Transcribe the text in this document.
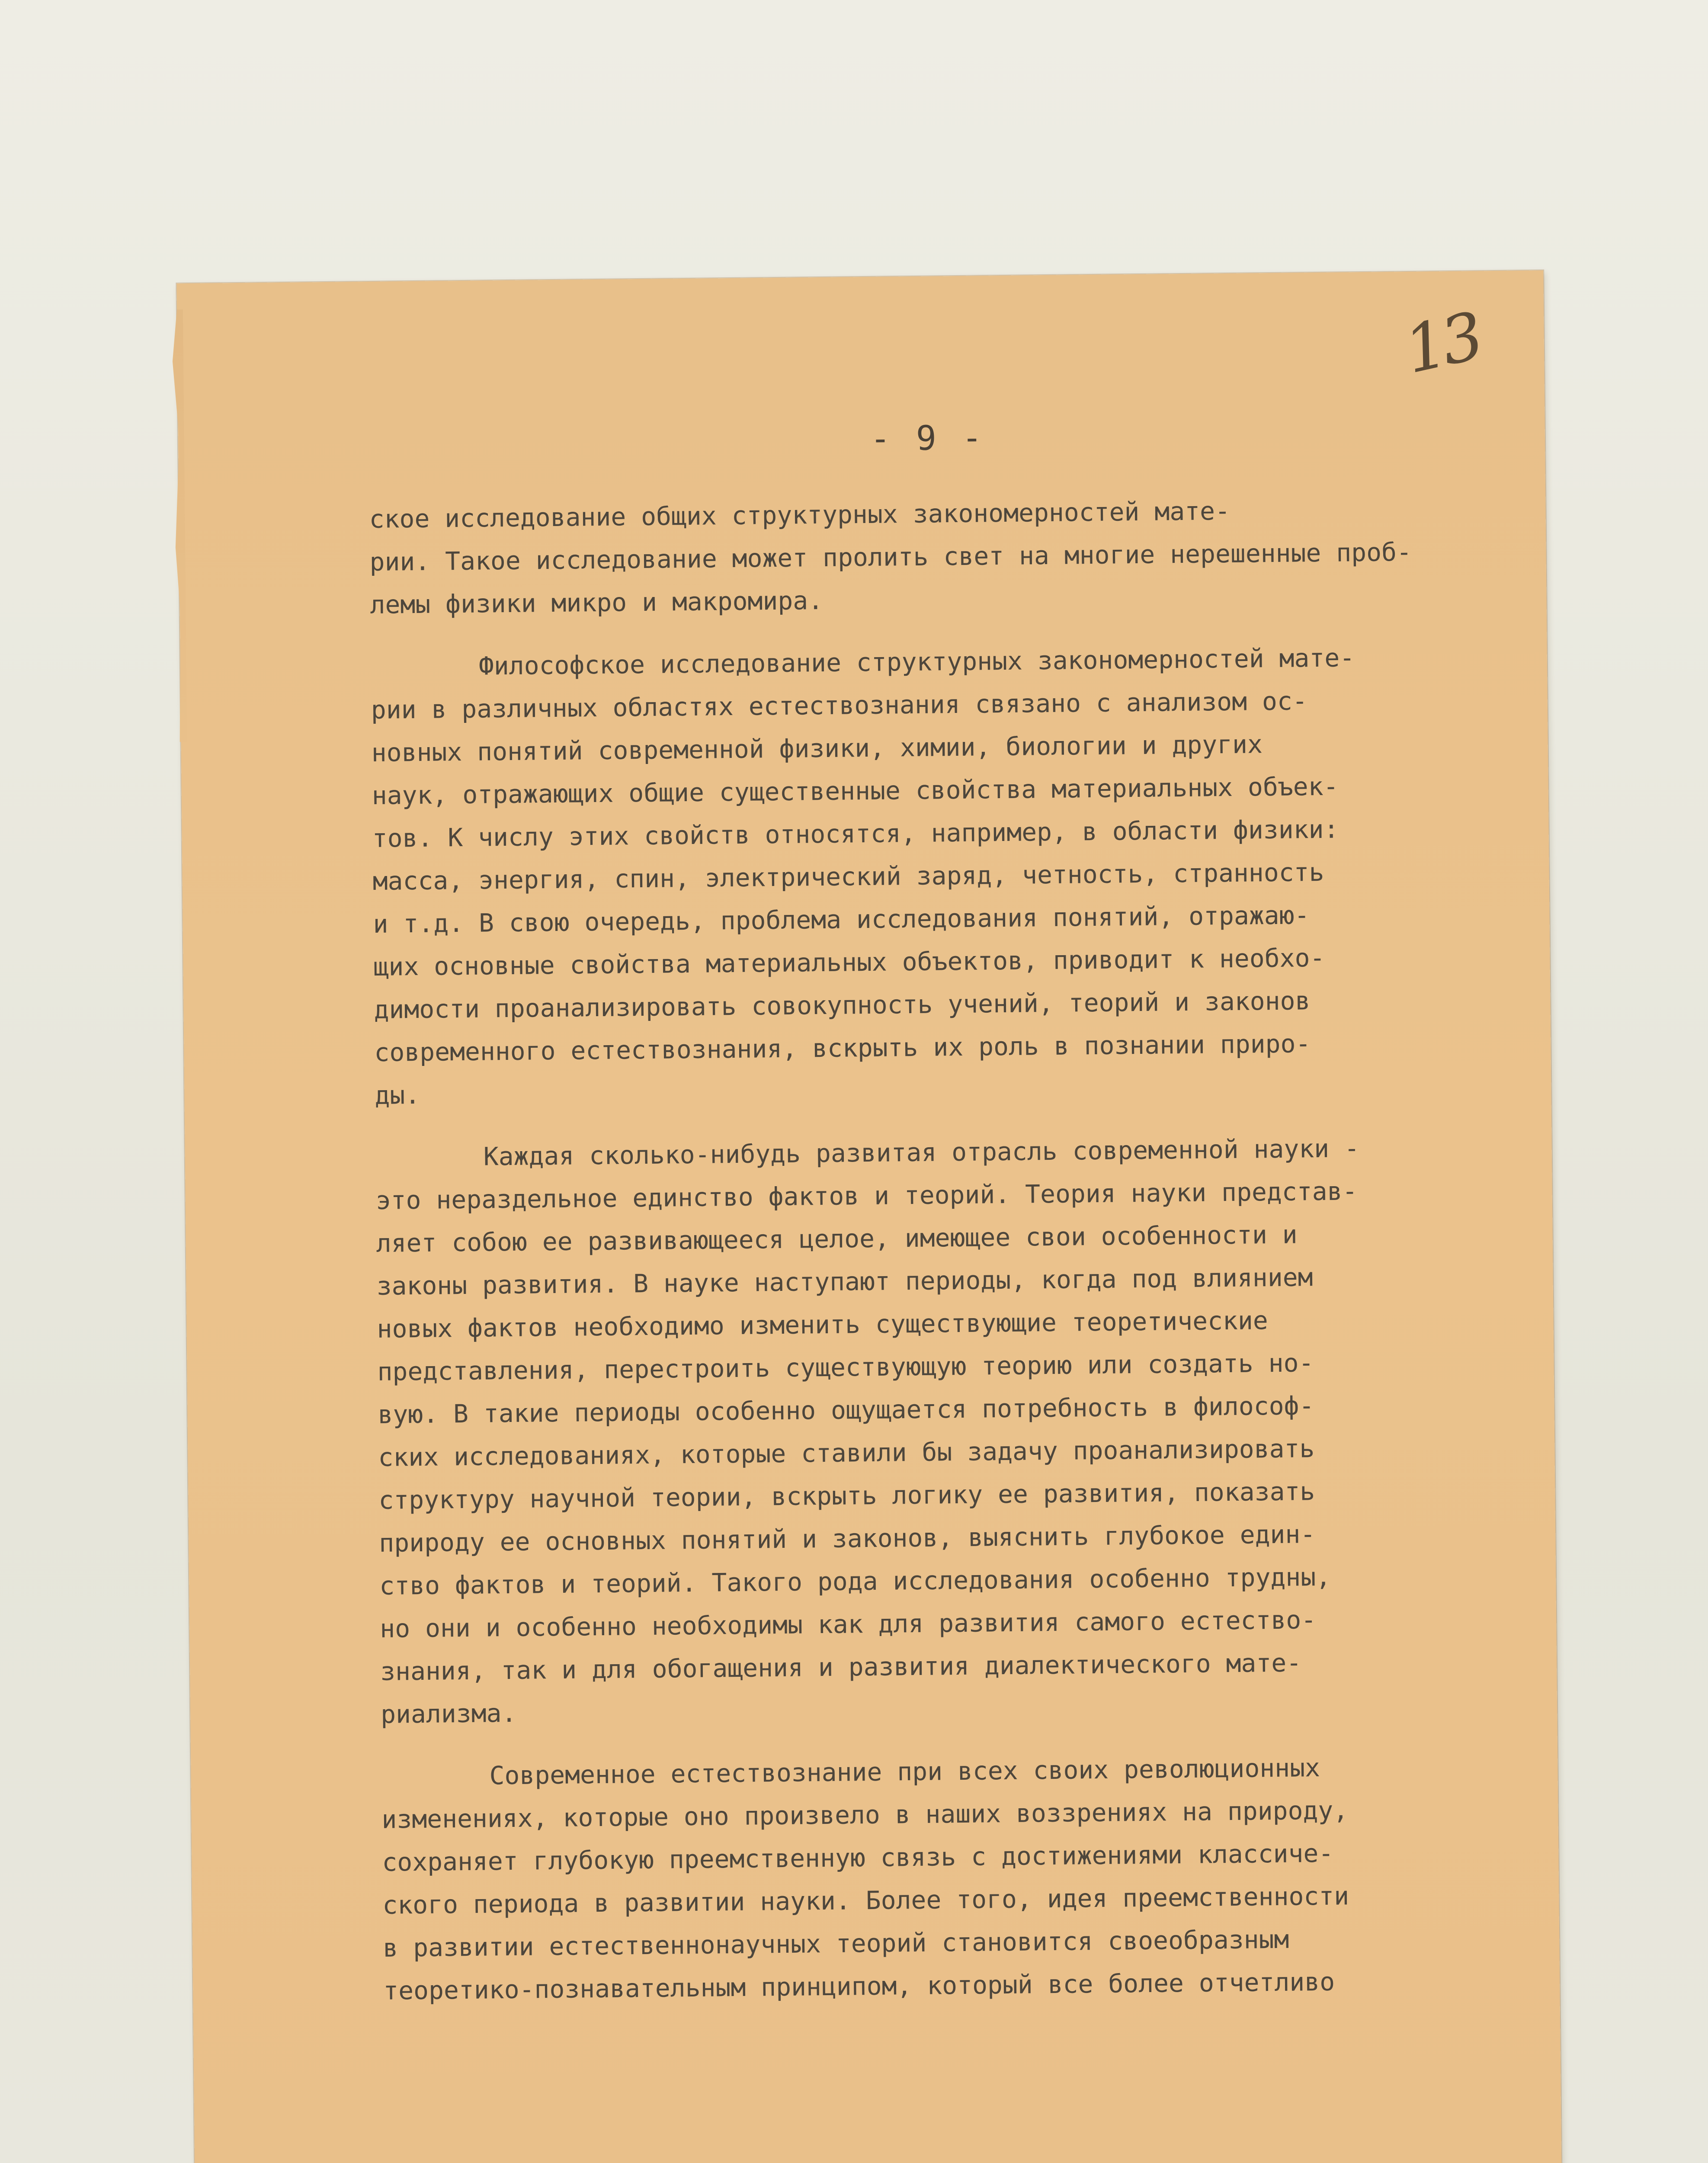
13
- 9 -
ское исследование общих структурных закономерностей мате-
рии. Такое исследование может пролить свет на многие нерешенные проб-
лемы физики микро и макромира.
Философское исследование структурных закономерностей мате-
рии в различных областях естествознания связано с анализом ос-
новных понятий современной физики, химии, биологии и других
наук, отражающих общие существенные свойства материальных объек-
тов. К числу этих свойств относятся, например, в области физики:
масса, энергия, спин, электрический заряд, четность, странность
и т.д. В свою очередь, проблема исследования понятий, отражаю-
щих основные свойства материальных объектов, приводит к необхо-
димости проанализировать совокупность учений, теорий и законов
современного естествознания, вскрыть их роль в познании приро-
ды.
Каждая сколько-нибудь развитая отрасль современной науки -
это нераздельное единство фактов и теорий. Теория науки представ-
ляет собою ее развивающееся целое, имеющее свои особенности и
законы развития. В науке наступают периоды, когда под влиянием
новых фактов необходимо изменить существующие теоретические
представления, перестроить существующую теорию или создать но-
вую. В такие периоды особенно ощущается потребность в философ-
ских исследованиях, которые ставили бы задачу проанализировать
структуру научной теории, вскрыть логику ее развития, показать
природу ее основных понятий и законов, выяснить глубокое един-
ство фактов и теорий. Такого рода исследования особенно трудны,
но они и особенно необходимы как для развития самого естество-
знания, так и для обогащения и развития диалектического мате-
риализма.
Современное естествознание при всех своих революционных
изменениях, которые оно произвело в наших воззрениях на природу,
сохраняет глубокую преемственную связь с достижениями классиче-
ского периода в развитии науки. Более того, идея преемственности
в развитии естественнонаучных теорий становится своеобразным
теоретико-познавательным принципом, который все более отчетливо
